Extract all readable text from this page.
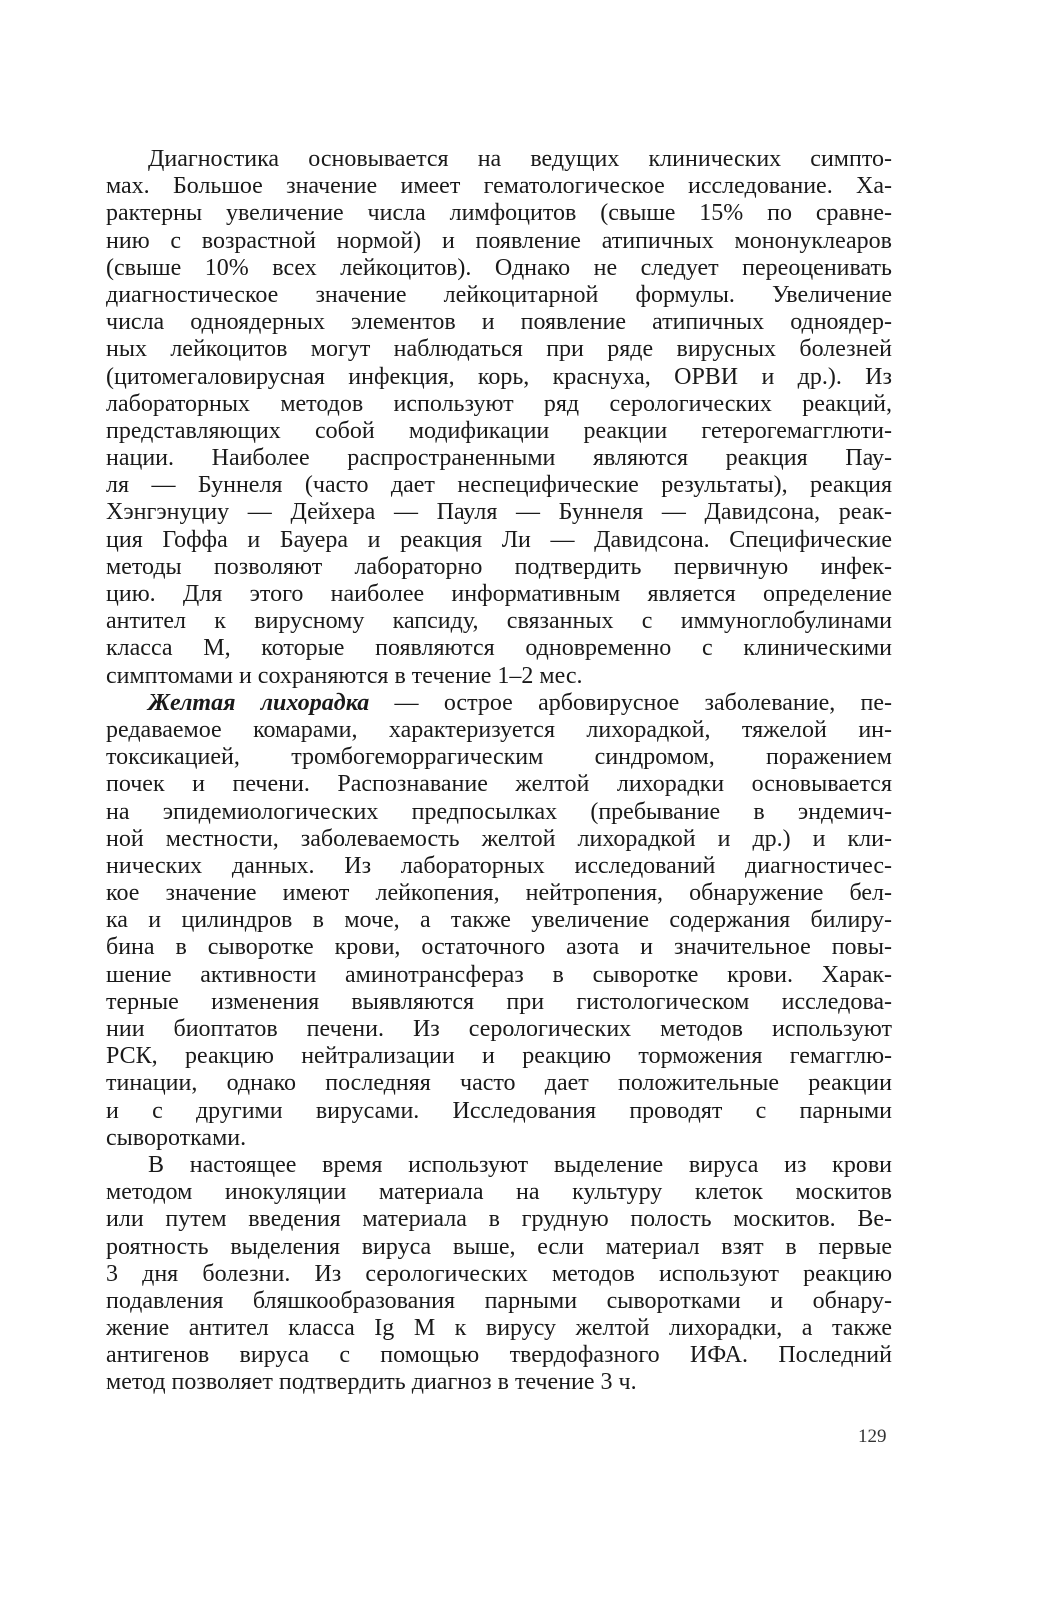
Диагностика основывается на ведущих клинических симпто-
мах. Большое значение имеет гематологическое исследование. Ха-
рактерны увеличение числа лимфоцитов (свыше 15% по сравне-
нию с возрастной нормой) и появление атипичных мононуклеаров
(свыше 10% всех лейкоцитов). Однако не следует переоценивать
диагностическое значение лейкоцитарной формулы. Увеличение
числа одноядерных элементов и появление атипичных одноядер-
ных лейкоцитов могут наблюдаться при ряде вирусных болезней
(цитомегаловирусная инфекция, корь, краснуха, ОРВИ и др.). Из
лабораторных методов используют ряд серологических реакций,
представляющих собой модификации реакции гетерогемагглюти-
нации. Наиболее распространенными являются реакция Пау-
ля — Буннеля (часто дает неспецифические результаты), реакция
Хэнгэнуциу — Дейхера — Пауля — Буннеля — Давидсона, реак-
ция Гоффа и Бауера и реакция Ли — Давидсона. Специфические
методы позволяют лабораторно подтвердить первичную инфек-
цию. Для этого наиболее информативным является определение
антител к вирусному капсиду, связанных с иммуноглобулинами
класса М, которые появляются одновременно с клиническими
симптомами и сохраняются в течение 1–2 мес.
Желтая лихорадка — острое арбовирусное заболевание, пе-
редаваемое комарами, характеризуется лихорадкой, тяжелой ин-
токсикацией, тромбогеморрагическим синдромом, поражением
почек и печени. Распознавание желтой лихорадки основывается
на эпидемиологических предпосылках (пребывание в эндемич-
ной местности, заболеваемость желтой лихорадкой и др.) и кли-
нических данных. Из лабораторных исследований диагностичес-
кое значение имеют лейкопения, нейтропения, обнаружение бел-
ка и цилиндров в моче, а также увеличение содержания билиру-
бина в сыворотке крови, остаточного азота и значительное повы-
шение активности аминотрансфераз в сыворотке крови. Харак-
терные изменения выявляются при гистологическом исследова-
нии биоптатов печени. Из серологических методов используют
РСК, реакцию нейтрализации и реакцию торможения гемагглю-
тинации, однако последняя часто дает положительные реакции
и с другими вирусами. Исследования проводят с парными
сыворотками.
В настоящее время используют выделение вируса из крови
методом инокуляции материала на культуру клеток москитов
или путем введения материала в грудную полость москитов. Ве-
роятность выделения вируса выше, если материал взят в первые
3 дня болезни. Из серологических методов используют реакцию
подавления бляшкообразования парными сыворотками и обнару-
жение антител класса Ig M к вирусу желтой лихорадки, а также
антигенов вируса с помощью твердофазного ИФА. Последний
метод позволяет подтвердить диагноз в течение 3 ч.
129
